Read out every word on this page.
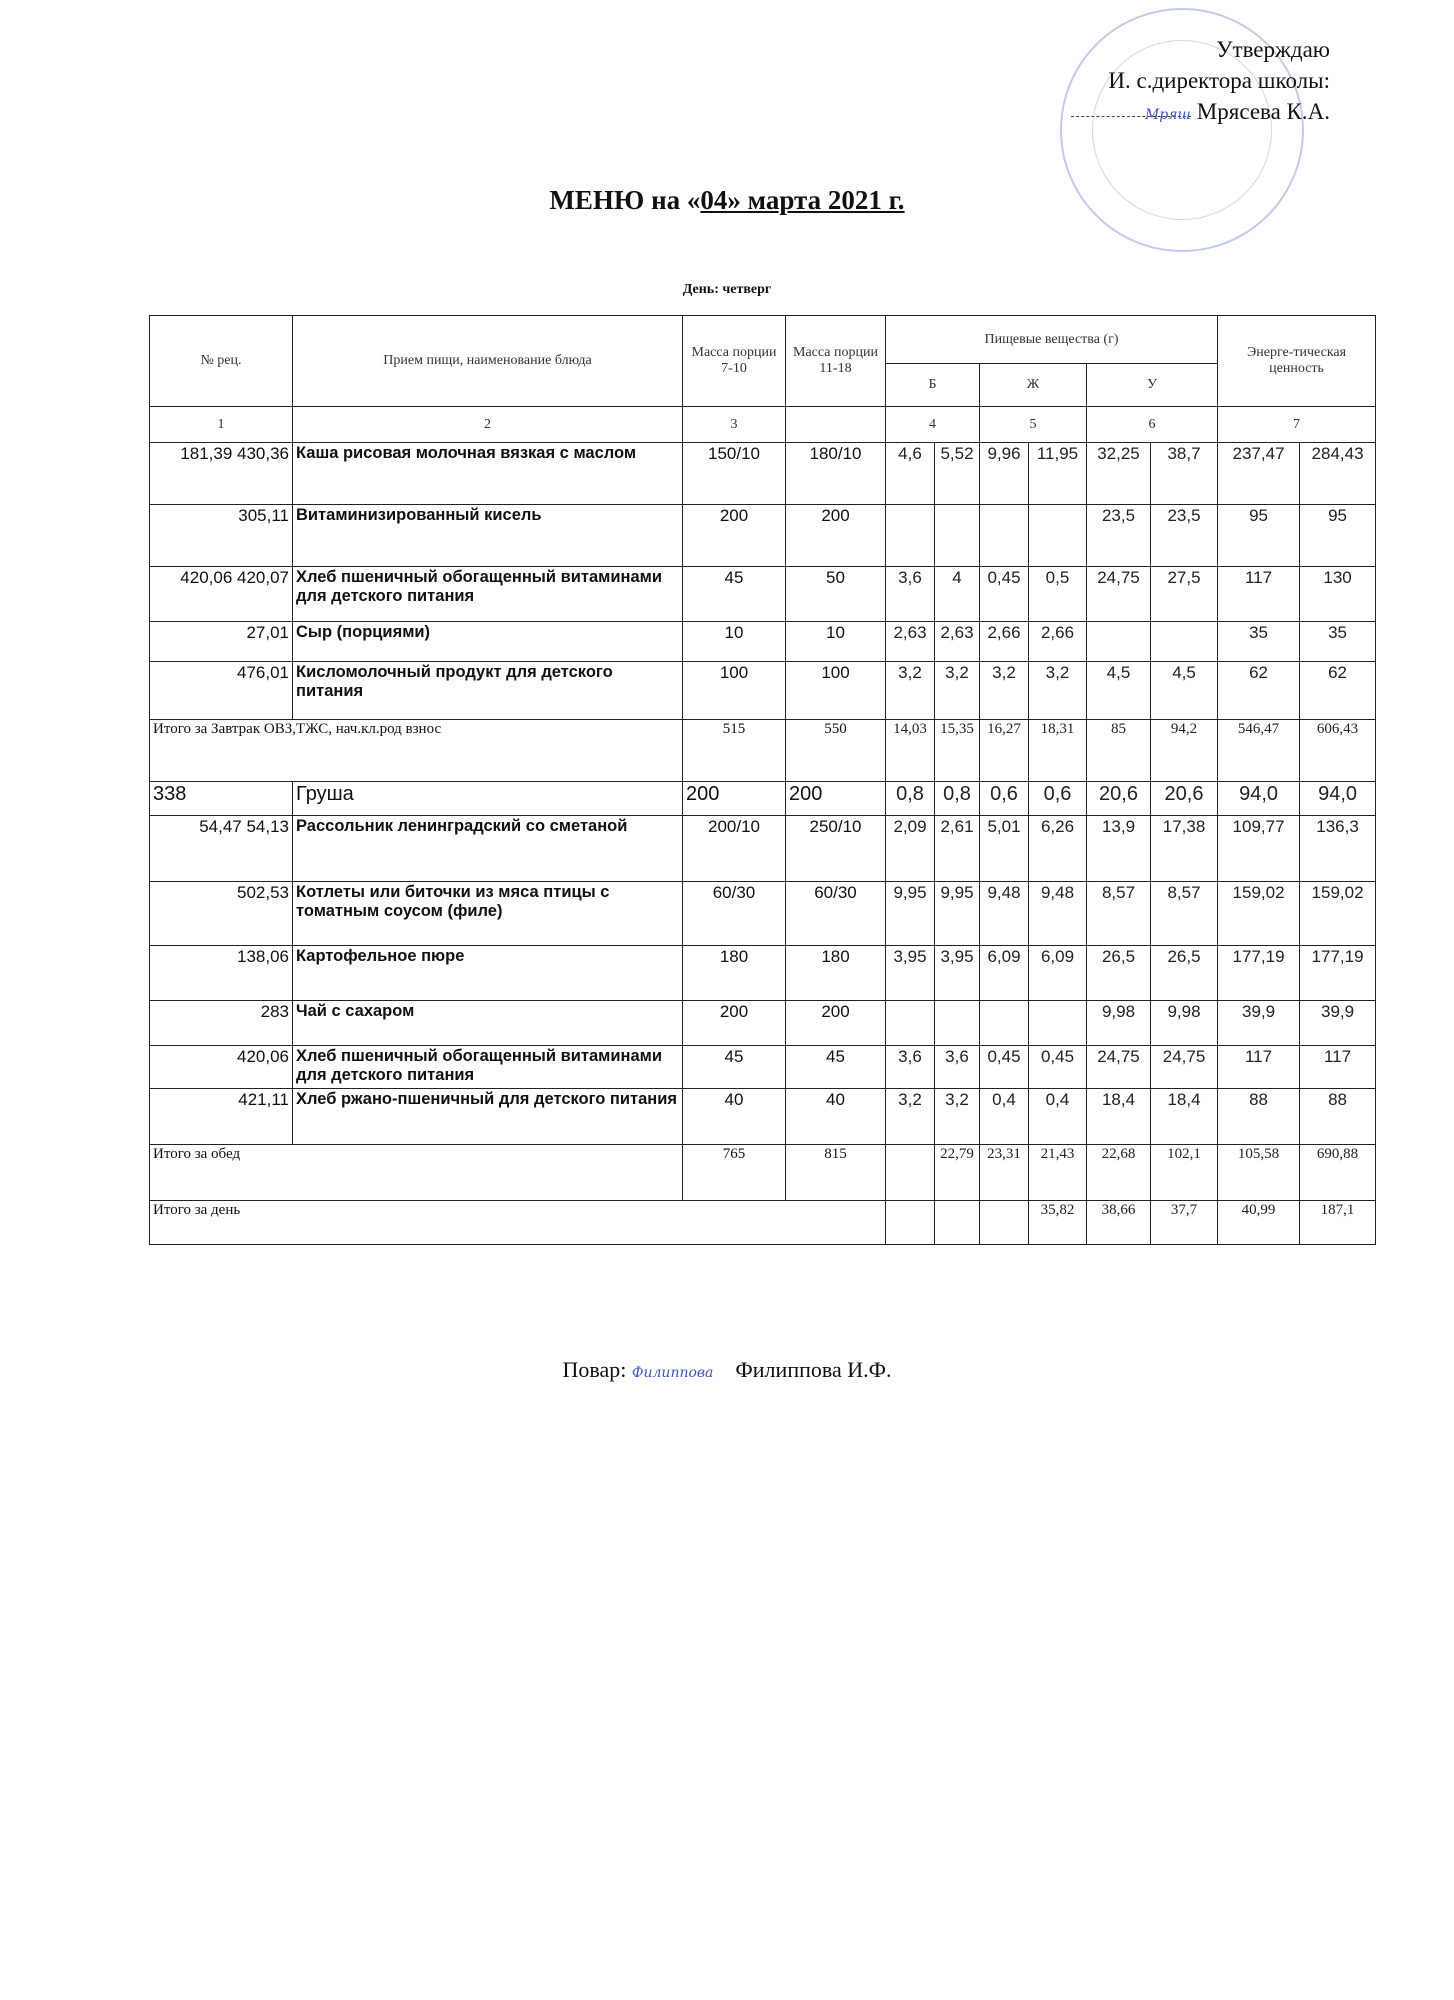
Утверждаю
И. с.директора школы:
Мряш Мрясева К.А.
МЕНЮ на «04» марта 2021 г.
День: четверг
№ рец.	Прием пищи, наименование блюда	Масса порции 7-10	Масса порции 11-18	Пищевые вещества (г)						Энерге-тическая ценность	
				Б		Ж		У			
1	2	3		4		5		6		7	
181,39 430,36	Каша рисовая молочная вязкая с маслом	150/10	180/10	4,6	5,52	9,96	11,95	32,25	38,7	237,47	284,43
305,11	Витаминизированный кисель	200	200					23,5	23,5	95	95
420,06 420,07	Хлеб пшеничный обогащенный витаминами для детского питания	45	50	3,6	4	0,45	0,5	24,75	27,5	117	130
27,01	Сыр (порциями)	10	10	2,63	2,63	2,66	2,66			35	35
476,01	Кисломолочный продукт для детского питания	100	100	3,2	3,2	3,2	3,2	4,5	4,5	62	62
Итого за Завтрак ОВЗ,ТЖС, нач.кл.род взнос		515	550	14,03	15,35	16,27	18,31	85	94,2	546,47	606,43
338	Груша	200	200	0,8	0,8	0,6	0,6	20,6	20,6	94,0	94,0
54,47 54,13	Рассольник ленинградский со сметаной	200/10	250/10	2,09	2,61	5,01	6,26	13,9	17,38	109,77	136,3
502,53	Котлеты или биточки из мяса птицы с томатным соусом (филе)	60/30	60/30	9,95	9,95	9,48	9,48	8,57	8,57	159,02	159,02
138,06	Картофельное пюре	180	180	3,95	3,95	6,09	6,09	26,5	26,5	177,19	177,19
283	Чай с сахаром	200	200					9,98	9,98	39,9	39,9
420,06	Хлеб пшеничный обогащенный витаминами для детского питания	45	45	3,6	3,6	0,45	0,45	24,75	24,75	117	117
421,11	Хлеб ржано-пшеничный для детского питания	40	40	3,2	3,2	0,4	0,4	18,4	18,4	88	88
Итого за обед		765	815		22,79	23,31	21,43	22,68	102,1	105,58	690,88
Итого за день							35,82	38,66	37,7	40,99	187,1
Повар: Филиппова Филиппова И.Ф.
